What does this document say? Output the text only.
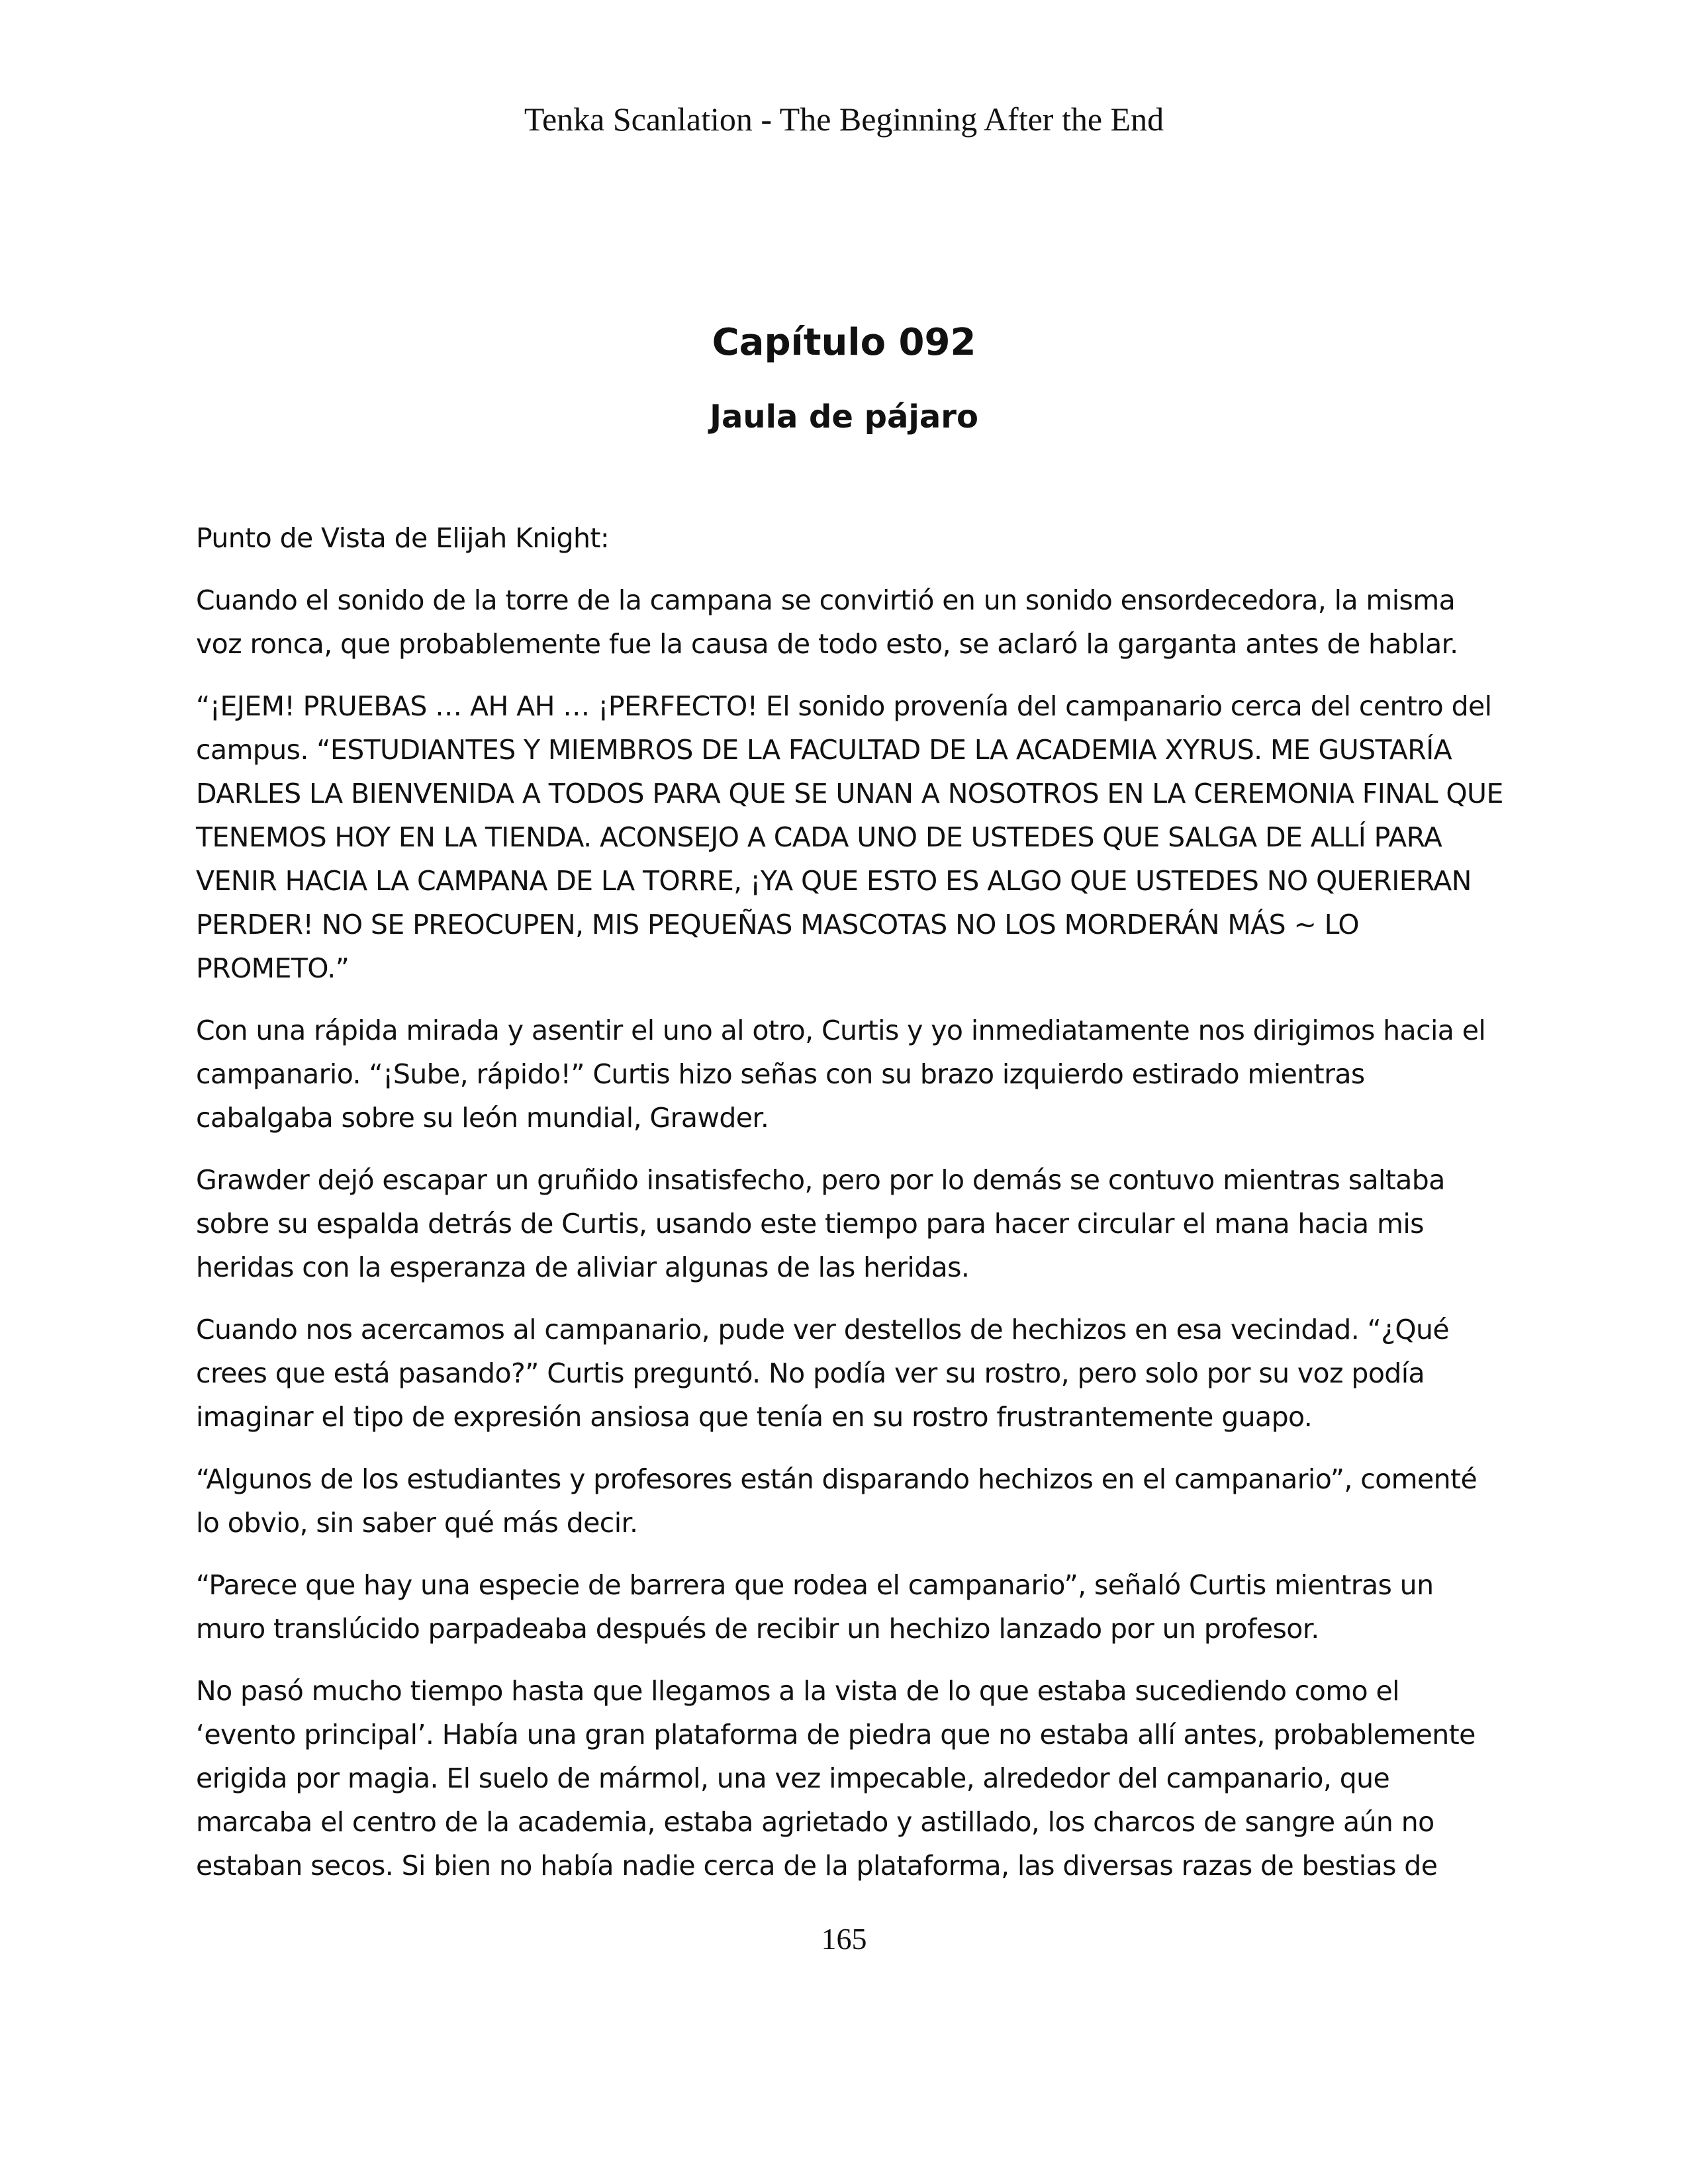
Tenka Scanlation - The Beginning After the End
Capítulo 092
Jaula de pájaro

Punto de Vista de Elijah Knight:

Cuando el sonido de la torre de la campana se convirtió en un sonido ensordecedora, la misma voz ronca, que probablemente fue la causa de todo esto, se aclaró la garganta antes de hablar.

“¡EJEM! PRUEBAS … AH AH … ¡PERFECTO! El sonido provenía del campanario cerca del centro del campus. “ESTUDIANTES Y MIEMBROS DE LA FACULTAD DE LA ACADEMIA XYRUS. ME GUSTARÍA DARLES LA BIENVENIDA A TODOS PARA QUE SE UNAN A NOSOTROS EN LA CEREMONIA FINAL QUE TENEMOS HOY EN LA TIENDA. ACONSEJO A CADA UNO DE USTEDES QUE SALGA DE ALLÍ PARA VENIR HACIA LA CAMPANA DE LA TORRE, ¡YA QUE ESTO ES ALGO QUE USTEDES NO QUERIERAN PERDER! NO SE PREOCUPEN, MIS PEQUEÑAS MASCOTAS NO LOS MORDERÁN MÁS ~ LO PROMETO.”

Con una rápida mirada y asentir el uno al otro, Curtis y yo inmediatamente nos dirigimos hacia el campanario. “¡Sube, rápido!” Curtis hizo señas con su brazo izquierdo estirado mientras cabalgaba sobre su león mundial, Grawder.

Grawder dejó escapar un gruñido insatisfecho, pero por lo demás se contuvo mientras saltaba sobre su espalda detrás de Curtis, usando este tiempo para hacer circular el mana hacia mis heridas con la esperanza de aliviar algunas de las heridas.

Cuando nos acercamos al campanario, pude ver destellos de hechizos en esa vecindad. “¿Qué crees que está pasando?” Curtis preguntó. No podía ver su rostro, pero solo por su voz podía imaginar el tipo de expresión ansiosa que tenía en su rostro frustrantemente guapo.

“Algunos de los estudiantes y profesores están disparando hechizos en el campanario”, comenté lo obvio, sin saber qué más decir.

“Parece que hay una especie de barrera que rodea el campanario”, señaló Curtis mientras un muro translúcido parpadeaba después de recibir un hechizo lanzado por un profesor.

No pasó mucho tiempo hasta que llegamos a la vista de lo que estaba sucediendo como el ‘evento principal’. Había una gran plataforma de piedra que no estaba allí antes, probablemente erigida por magia. El suelo de mármol, una vez impecable, alrededor del campanario, que marcaba el centro de la academia, estaba agrietado y astillado, los charcos de sangre aún no estaban secos. Si bien no había nadie cerca de la plataforma, las diversas razas de bestias de

165
